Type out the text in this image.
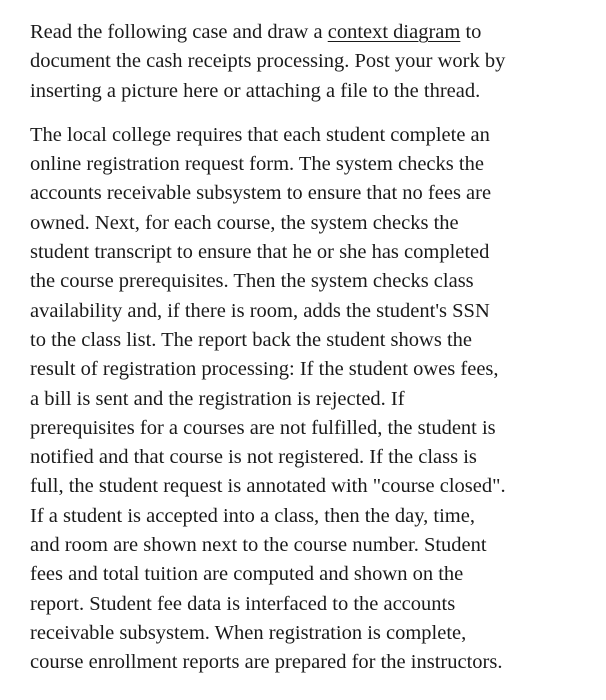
Read the following case and draw a context diagram to
document the cash receipts processing. Post your work by
inserting a picture here or attaching a file to the thread.

The local college requires that each student complete an
online registration request form. The system checks the
accounts receivable subsystem to ensure that no fees are
owned. Next, for each course, the system checks the
student transcript to ensure that he or she has completed
the course prerequisites. Then the system checks class
availability and, if there is room, adds the student's SSN
to the class list. The report back the student shows the
result of registration processing: If the student owes fees,
a bill is sent and the registration is rejected. If
prerequisites for a courses are not fulfilled, the student is
notified and that course is not registered. If the class is
full, the student request is annotated with "course closed".
If a student is accepted into a class, then the day, time,
and room are shown next to the course number. Student
fees and total tuition are computed and shown on the
report. Student fee data is interfaced to the accounts
receivable subsystem. When registration is complete,
course enrollment reports are prepared for the instructors.
